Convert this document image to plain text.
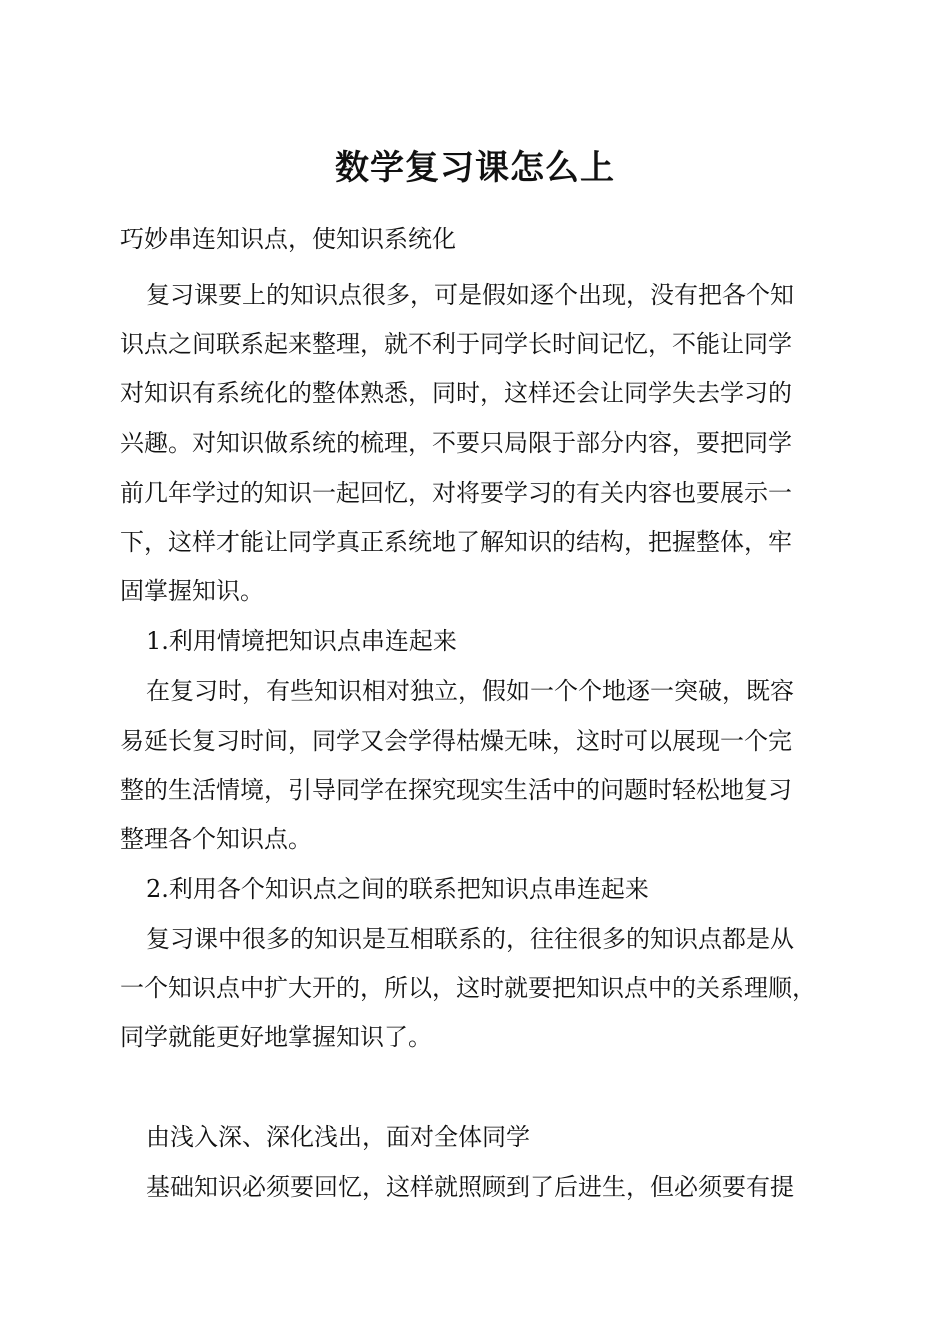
数学复习课怎么上

巧妙串连知识点，使知识系统化

复习课要上的知识点很多，可是假如逐个出现，没有把各个知

识点之间联系起来整理，就不利于同学长时间记忆，不能让同学

对知识有系统化的整体熟悉，同时，这样还会让同学失去学习的

兴趣。对知识做系统的梳理，不要只局限于部分内容，要把同学

前几年学过的知识一起回忆，对将要学习的有关内容也要展示一

下，这样才能让同学真正系统地了解知识的结构，把握整体，牢

固掌握知识。

1.利用情境把知识点串连起来

在复习时，有些知识相对独立，假如一个个地逐一突破，既容

易延长复习时间，同学又会学得枯燥无味，这时可以展现一个完

整的生活情境，引导同学在探究现实生活中的问题时轻松地复习

整理各个知识点。

2.利用各个知识点之间的联系把知识点串连起来

复习课中很多的知识是互相联系的，往往很多的知识点都是从

一个知识点中扩大开的，所以，这时就要把知识点中的关系理顺，

同学就能更好地掌握知识了。

由浅入深、深化浅出，面对全体同学

基础知识必须要回忆，这样就照顾到了后进生，但必须要有提
